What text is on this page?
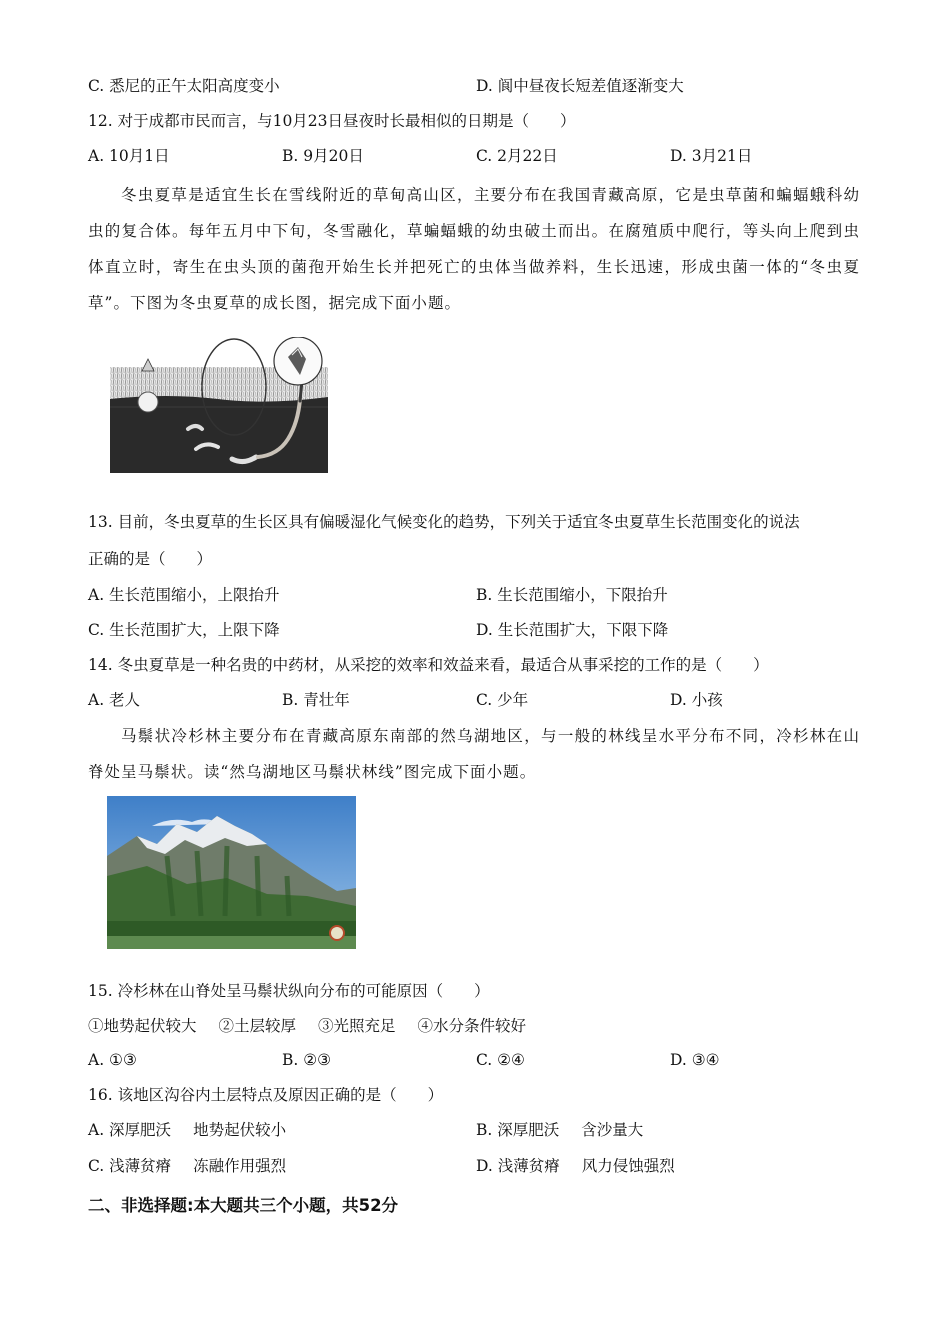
C. 悉尼的正午太阳高度变小	D. 阆中昼夜长短差值逐渐变大
12. 对于成都市民而言，与10月23日昼夜时长最相似的日期是（　　）
A. 10月1日	B. 9月20日	C. 2月22日	D. 3月21日
冬虫夏草是适宜生长在雪线附近的草甸高山区，主要分布在我国青藏高原，它是虫草菌和蝙蝠蛾科幼虫的复合体。每年五月中下旬，冬雪融化，草蝙蝠蛾的幼虫破土而出。在腐殖质中爬行，等头向上爬到虫体直立时，寄生在虫头顶的菌孢开始生长并把死亡的虫体当做养料，生长迅速，形成虫菌一体的“冬虫夏草”。下图为冬虫夏草的成长图，据完成下面小题。
13. 目前，冬虫夏草的生长区具有偏暖湿化气候变化的趋势，下列关于适宜冬虫夏草生长范围变化的说法
正确的是（　　）
A. 生长范围缩小，上限抬升	B. 生长范围缩小，下限抬升
C. 生长范围扩大，上限下降	D. 生长范围扩大，下限下降
14. 冬虫夏草是一种名贵的中药材，从采挖的效率和效益来看，最适合从事采挖的工作的是（　　）
A. 老人	B. 青壮年	C. 少年	D. 小孩
马鬃状冷杉林主要分布在青藏高原东南部的然乌湖地区，与一般的林线呈水平分布不同，冷杉林在山脊处呈马鬃状。读“然乌湖地区马鬃状林线”图完成下面小题。
15. 冷杉林在山脊处呈马鬃状纵向分布的可能原因（　　）
①地势起伏较大 ②土层较厚 ③光照充足 ④水分条件较好
A. ①③	B. ②③	C. ②④	D. ③④
16. 该地区沟谷内土层特点及原因正确的是（　　）
A. 深厚肥沃 地势起伏较小	B. 深厚肥沃 含沙量大
C. 浅薄贫瘠 冻融作用强烈	D. 浅薄贫瘠 风力侵蚀强烈
二、非选择题:本大题共三个小题，共52分
